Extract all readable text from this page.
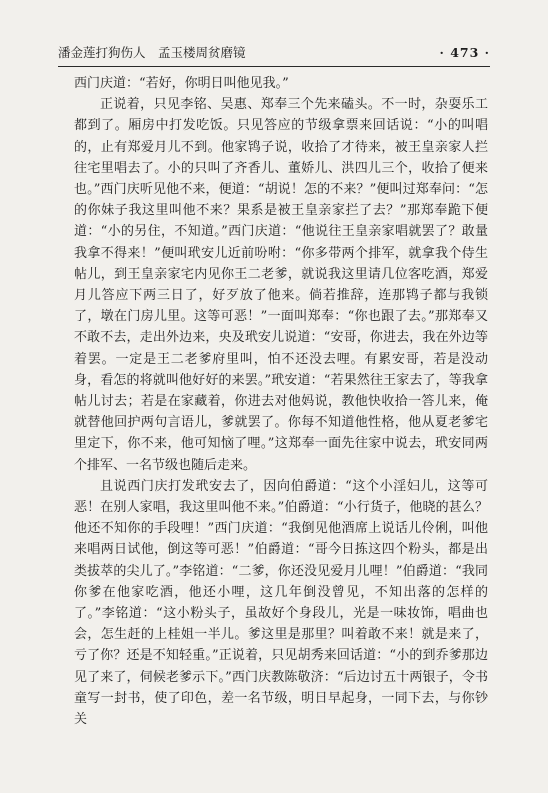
潘金莲打狗伤人　孟玉楼周贫磨镜	· 473 ·

西门庆道：“若好，你明日叫他见我。”

正说着，只见李铭、吴惠、郑奉三个先来磕头。不一时，杂耍乐工都到了。厢房中打发吃饭。只见答应的节级拿票来回话说：“小的叫唱的，止有郑爱月儿不到。他家鸨子说，收拾了才待来，被王皇亲家人拦往宅里唱去了。小的只叫了齐香儿、董娇儿、洪四儿三个，收拾了便来也。”西门庆听见他不来，便道：“胡说！怎的不来？”便叫过郑奉问：“怎的你妹子我这里叫他不来？果系是被王皇亲家拦了去？”那郑奉跪下便道：“小的另住，不知道。”西门庆道：“他说往王皇亲家唱就罢了？敢量我拿不得来！”便叫玳安儿近前吩咐：“你多带两个排军，就拿我个侍生帖儿，到王皇亲家宅内见你王二老爹，就说我这里请几位客吃酒，郑爱月儿答应下两三日了，好歹放了他来。倘若推辞，连那鸨子都与我锁了，墩在门房儿里。这等可恶！”一面叫郑奉：“你也跟了去。”那郑奉又不敢不去，走出外边来，央及玳安儿说道：“安哥，你进去，我在外边等着罢。一定是王二老爹府里叫，怕不还没去哩。有累安哥，若是没动身，看怎的将就叫他好好的来罢。”玳安道：“若果然往王家去了，等我拿帖儿讨去；若是在家藏着，你进去对他妈说，教他快收拾一答儿来，俺就替他回护两句言语儿，爹就罢了。你每不知道他性格，他从夏老爹宅里定下，你不来，他可知恼了哩。”这郑奉一面先往家中说去，玳安同两个排军、一名节级也随后走来。

且说西门庆打发玳安去了，因向伯爵道：“这个小淫妇儿，这等可恶！在别人家唱，我这里叫他不来。”伯爵道：“小行货子，他晓的甚么？他还不知你的手段哩！”西门庆道：“我倒见他酒席上说话儿伶俐，叫他来唱两日试他，倒这等可恶！”伯爵道：“哥今日拣这四个粉头，都是出类拔萃的尖儿了。”李铭道：“二爹，你还没见爱月儿哩！”伯爵道：“我同你爹在他家吃酒，他还小哩，这几年倒没曾见，不知出落的怎样的了。”李铭道：“这小粉头子，虽故好个身段儿，光是一味妆饰，唱曲也会，怎生赶的上桂姐一半儿。爹这里是那里？叫着敢不来！就是来了，亏了你？还是不知轻重。”正说着，只见胡秀来回话道：“小的到乔爹那边见了来了，伺候老爹示下。”西门庆教陈敬济：“后边讨五十两银子，令书童写一封书，使了印色，差一名节级，明日早起身，一同下去，与你钞关
